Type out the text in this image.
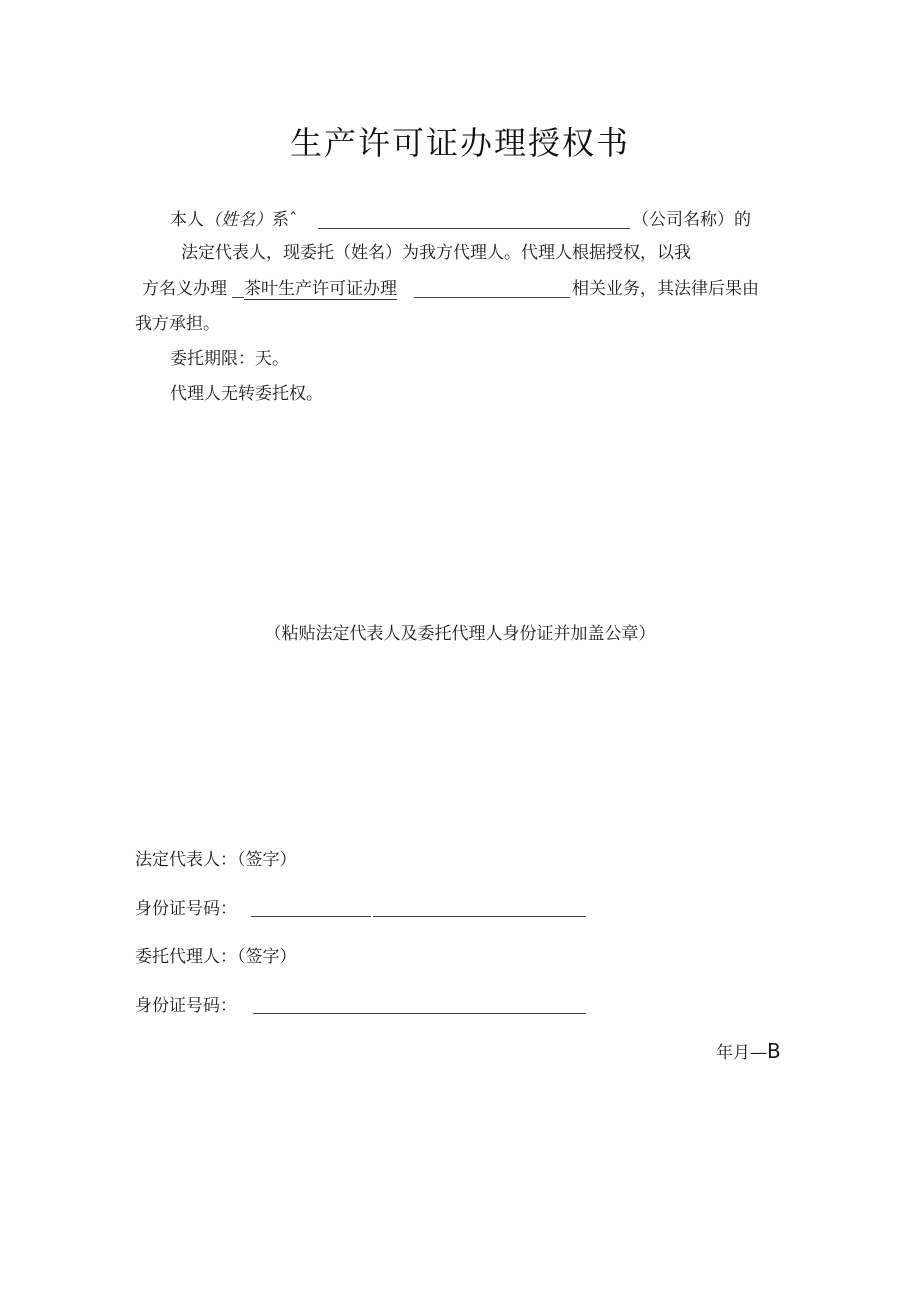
生产许可证办理授权书
本人（姓名）系ˆ	（公司名称）的
法定代表人，现委托（姓名）为我方代理人。代理人根据授权，以我
方名义办理 茶叶生产许可证办理	相关业务，其法律后果由
我方承担。
委托期限：天。
代理人无转委托权。
（粘贴法定代表人及委托代理人身份证并加盖公章）
法定代表人：（签字）
身份证号码：
委托代理人：（签字）
身份证号码：
年月—B
